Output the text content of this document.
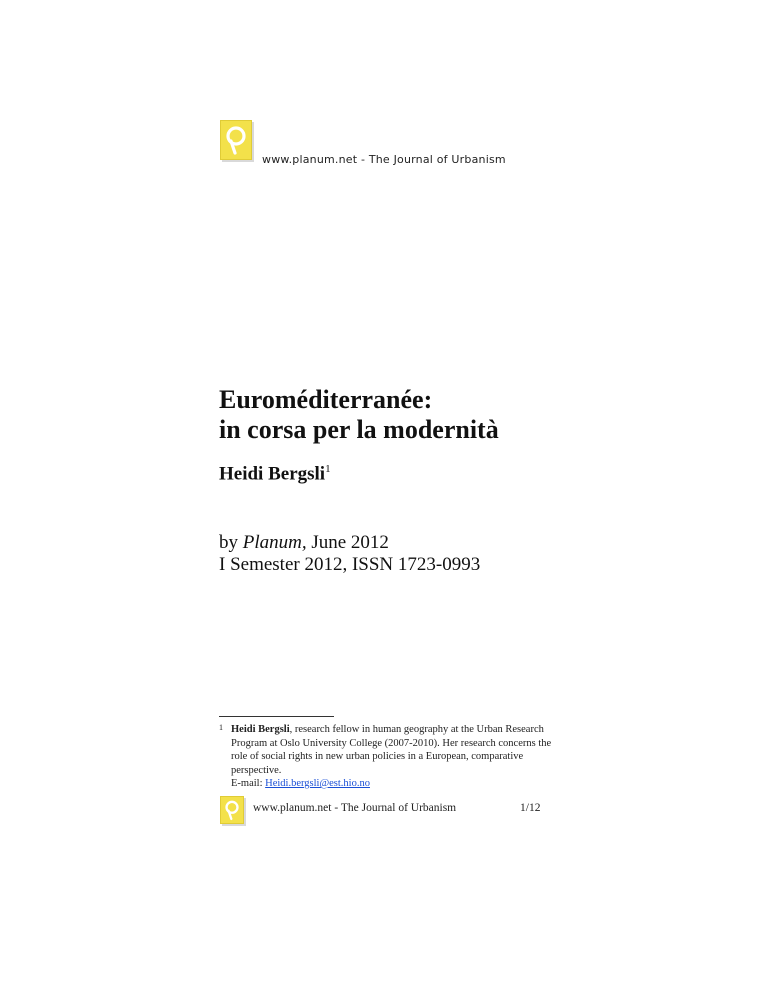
www.planum.net - The Journal of Urbanism
Euroméditerranée:
in corsa per la modernità
Heidi Bergsli$^1$
by Planum, June 2012
I Semester 2012, ISSN 1723-0993
1 Heidi Bergsli, research fellow in human geography at the Urban Research Program at Oslo University College (2007-2010). Her research concerns the role of social rights in new urban policies in a European, comparative perspective.
E-mail: Heidi.bergsli@est.hio.no
www.planum.net - The Journal of Urbanism	1/12
